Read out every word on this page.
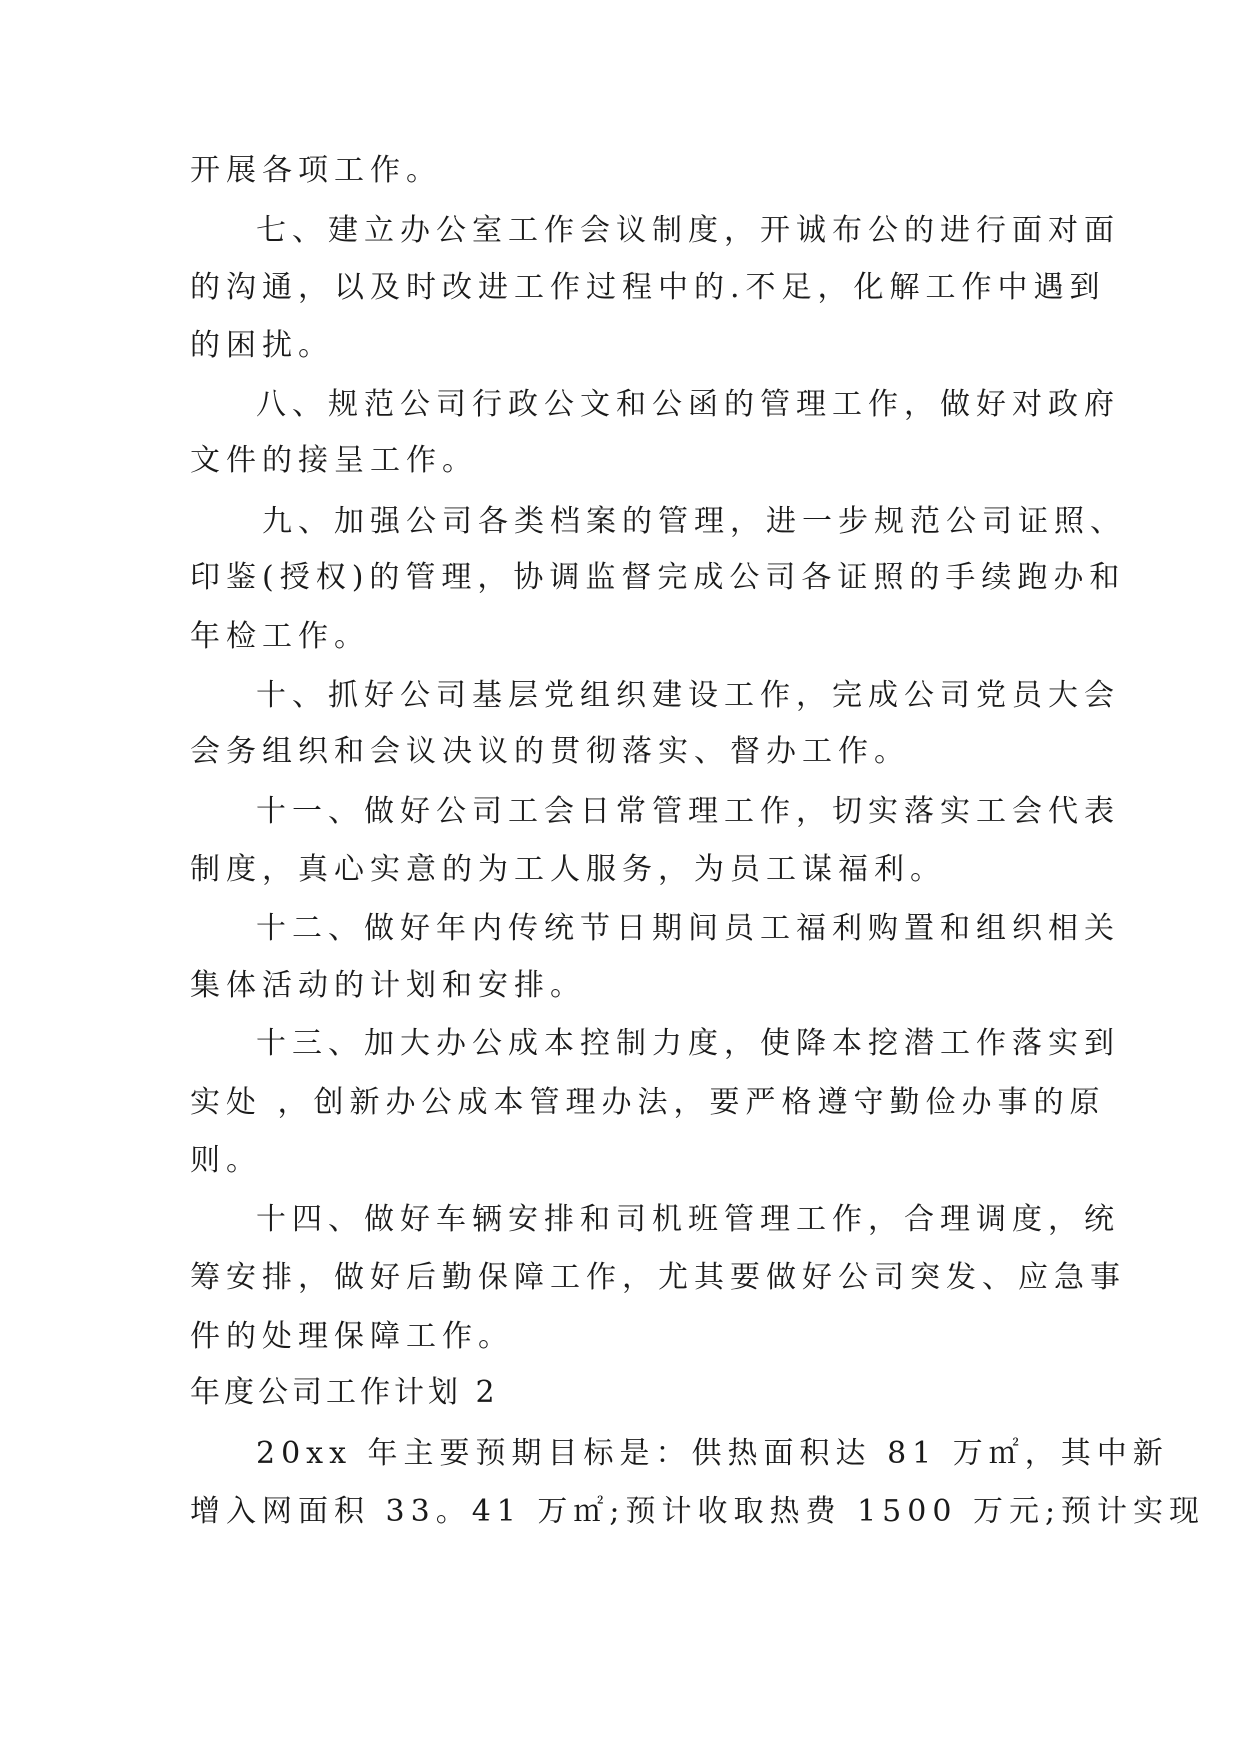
开展各项工作。
七、建立办公室工作会议制度，开诚布公的进行面对面
的沟通，以及时改进工作过程中的.不足，化解工作中遇到
的困扰。
八、规范公司行政公文和公函的管理工作，做好对政府
文件的接呈工作。
九、加强公司各类档案的管理，进一步规范公司证照、
印鉴(授权)的管理，协调监督完成公司各证照的手续跑办和
年检工作。
十、抓好公司基层党组织建设工作，完成公司党员大会
会务组织和会议决议的贯彻落实、督办工作。
十一、做好公司工会日常管理工作，切实落实工会代表
制度，真心实意的为工人服务，为员工谋福利。
十二、做好年内传统节日期间员工福利购置和组织相关
集体活动的计划和安排。
十三、加大办公成本控制力度，使降本挖潜工作落实到
实处 ，创新办公成本管理办法，要严格遵守勤俭办事的原
则。
十四、做好车辆安排和司机班管理工作，合理调度，统
筹安排，做好后勤保障工作，尤其要做好公司突发、应急事
件的处理保障工作。
年度公司工作计划 2
20xx 年主要预期目标是：供热面积达 81 万㎡，其中新
增入网面积 33。41 万㎡;预计收取热费 1500 万元;预计实现
